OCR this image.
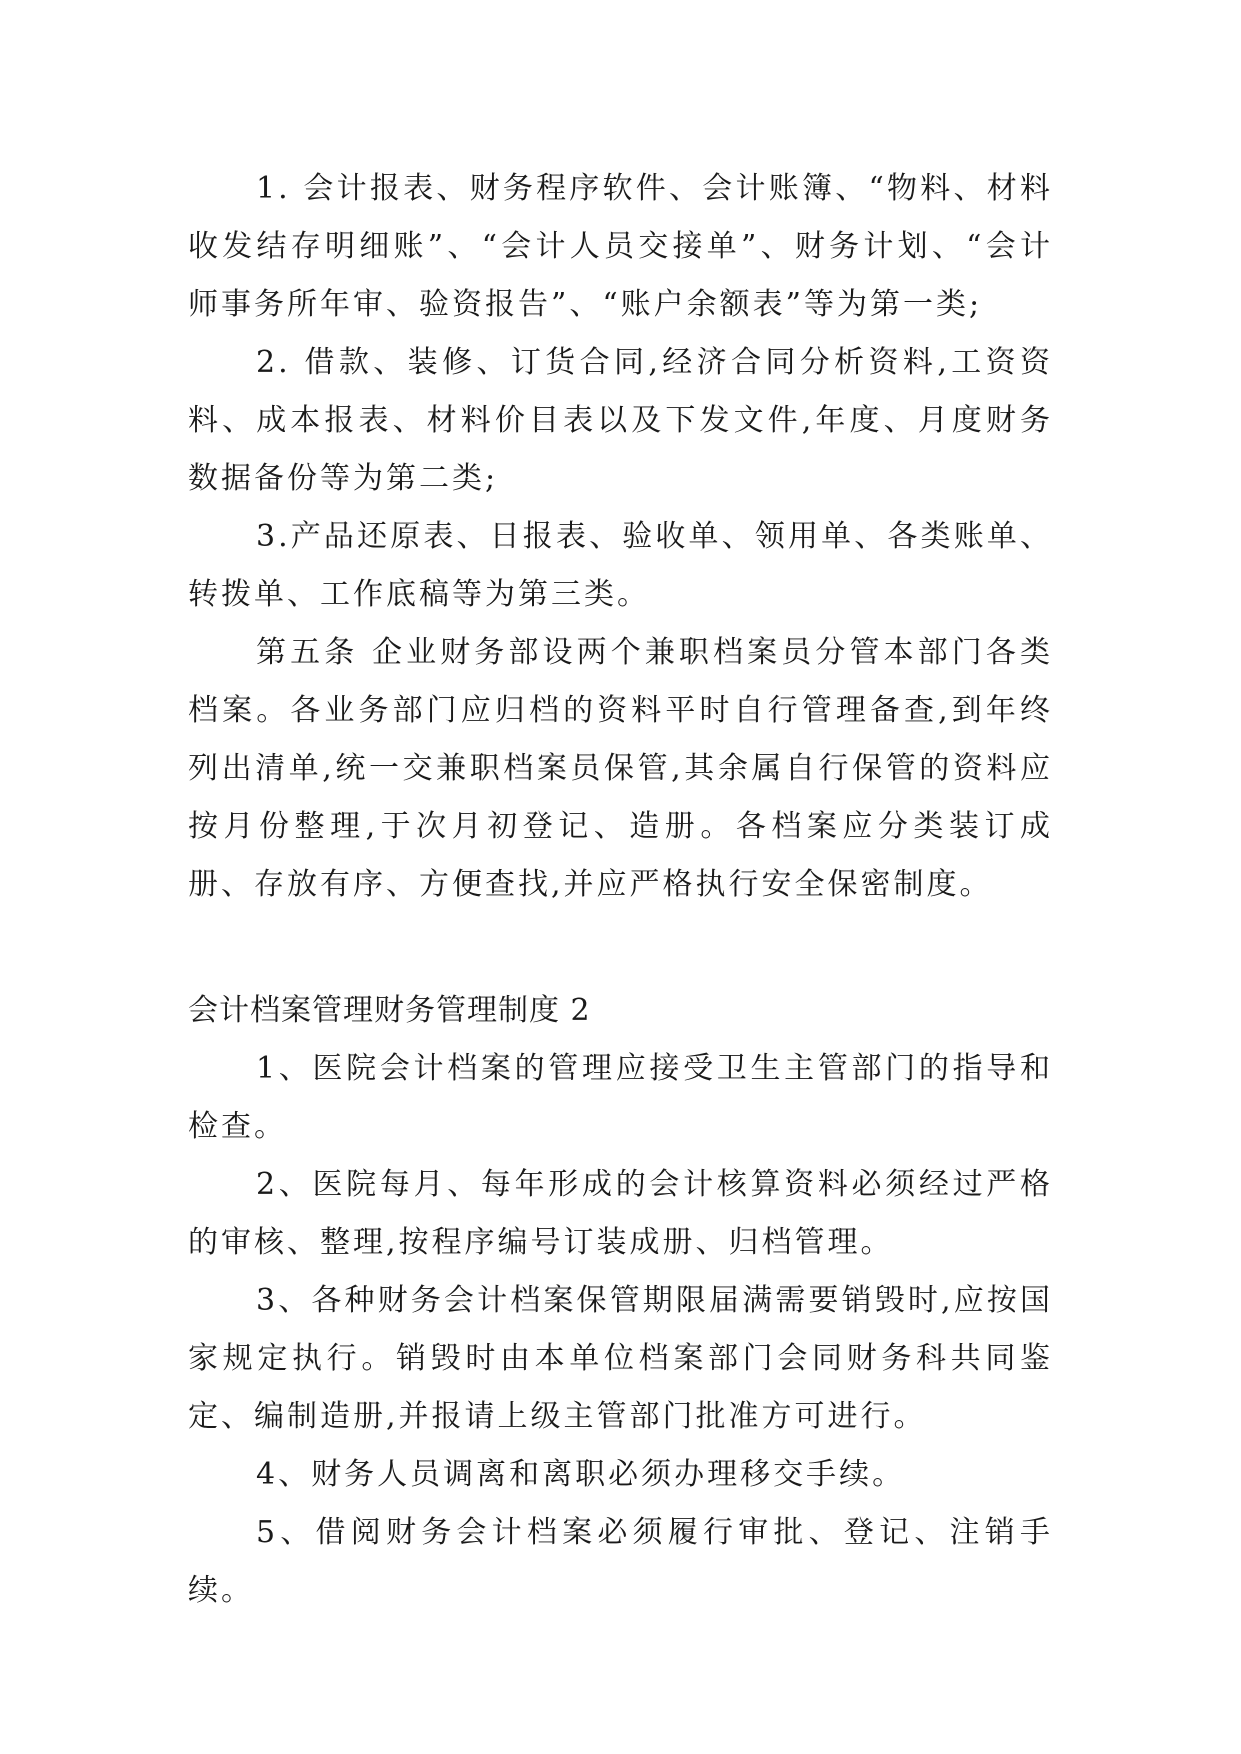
1. 会计报表、财务程序软件、会计账簿、“物料、材料收发结存明细账”、“会计人员交接单”、财务计划、“会计师事务所年审、验资报告”、“账户余额表”等为第一类;

2. 借款、装修、订货合同,经济合同分析资料,工资资料、成本报表、材料价目表以及下发文件,年度、月度财务数据备份等为第二类;

3.产品还原表、日报表、验收单、领用单、各类账单、转拨单、工作底稿等为第三类。

第五条 企业财务部设两个兼职档案员分管本部门各类档案。各业务部门应归档的资料平时自行管理备查,到年终列出清单,统一交兼职档案员保管,其余属自行保管的资料应按月份整理,于次月初登记、造册。各档案应分类装订成册、存放有序、方便查找,并应严格执行安全保密制度。

会计档案管理财务管理制度 2

1、医院会计档案的管理应接受卫生主管部门的指导和检查。

2、医院每月、每年形成的会计核算资料必须经过严格的审核、整理,按程序编号订装成册、归档管理。

3、各种财务会计档案保管期限届满需要销毁时,应按国家规定执行。销毁时由本单位档案部门会同财务科共同鉴定、编制造册,并报请上级主管部门批准方可进行。

4、财务人员调离和离职必须办理移交手续。

5、借阅财务会计档案必须履行审批、登记、注销手续。
